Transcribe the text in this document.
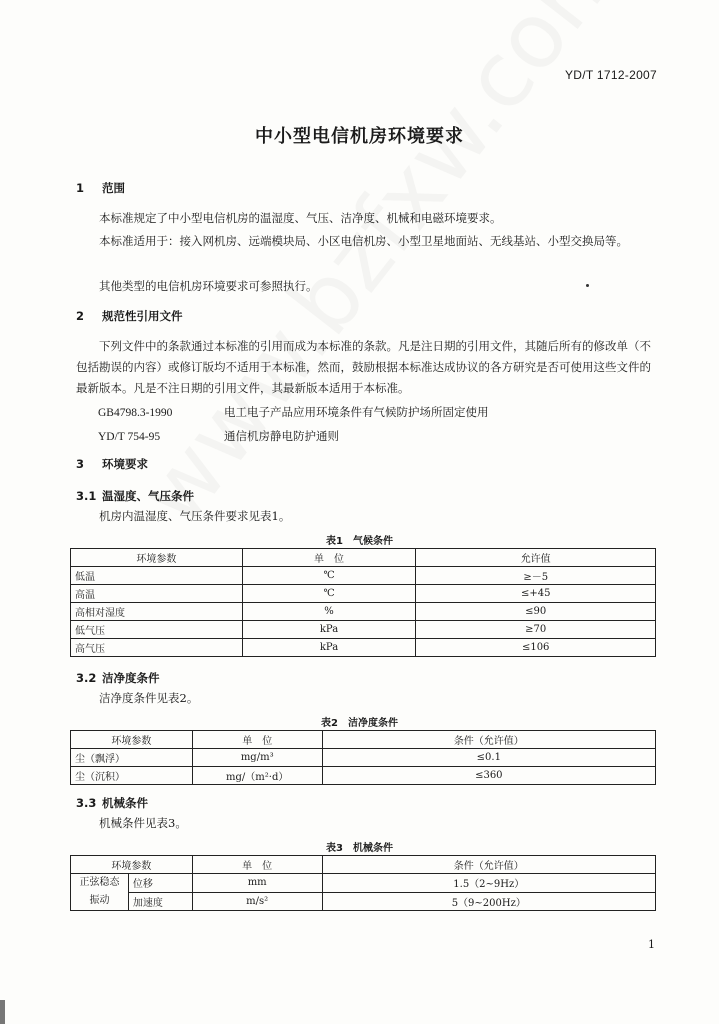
YD/T 1712-2007
中小型电信机房环境要求
1 范围
本标准规定了中小型电信机房的温湿度、气压、洁净度、机械和电磁环境要求。
本标准适用于：接入网机房、远端模块局、小区电信机房、小型卫星地面站、无线基站、小型交换局等。
其他类型的电信机房环境要求可参照执行。
2 规范性引用文件
下列文件中的条款通过本标准的引用而成为本标准的条款。凡是注日期的引用文件，其随后所有的修改单（不包括勘误的内容）或修订版均不适用于本标准，然而，鼓励根据本标准达成协议的各方研究是否可使用这些文件的最新版本。凡是不注日期的引用文件，其最新版本适用于本标准。
GB4798.3-1990	电工电子产品应用环境条件有气候防护场所固定使用
YD/T 754-95	通信机房静电防护通则
3 环境要求
3.1 温湿度、气压条件
机房内温湿度、气压条件要求见表1。
表1　气候条件
环境参数	单　位	允许值
低温	℃	≥－5
高温	℃	≤+45
高相对湿度	%	≤90
低气压	kPa	≥70
高气压	kPa	≤106
3.2 洁净度条件
洁净度条件见表2。
表2　洁净度条件
环境参数	单　位	条件（允许值）
尘（飘浮）	mg/m³	≤0.1
尘（沉积）	mg/（m²·d）	≤360
3.3 机械条件
机械条件见表3。
表3　机械条件
环境参数		单　位	条件（允许值）
正弦稳态振动	位移	mm	1.5（2~9Hz）
	加速度	m/s²	5（9~200Hz）
1
